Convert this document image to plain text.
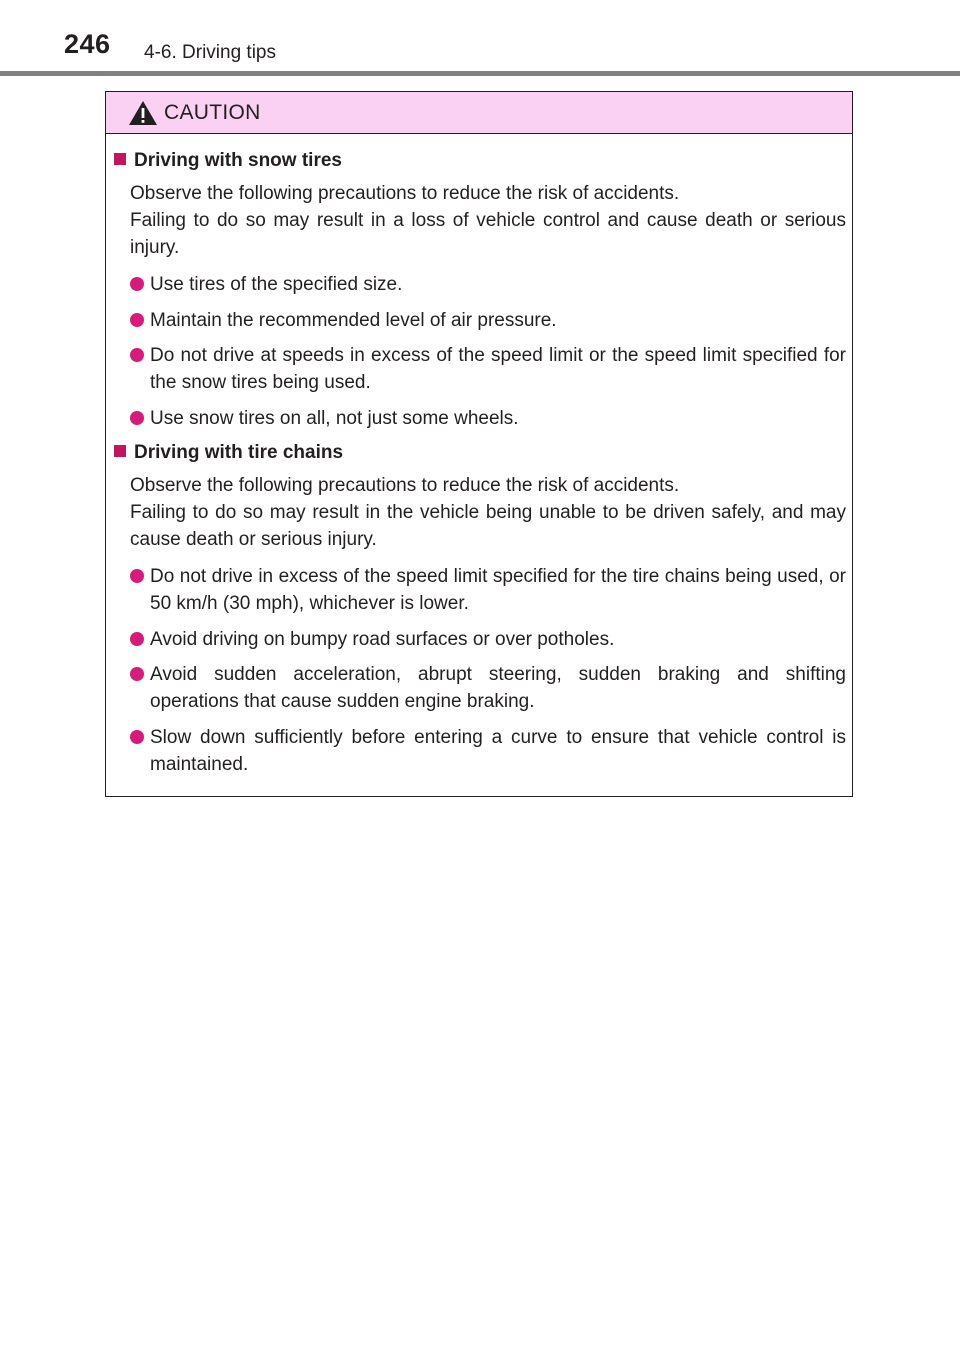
246 4-6. Driving tips
CAUTION
Driving with snow tires
Observe the following precautions to reduce the risk of accidents.
Failing to do so may result in a loss of vehicle control and cause death or serious injury.
Use tires of the specified size.
Maintain the recommended level of air pressure.
Do not drive at speeds in excess of the speed limit or the speed limit specified for the snow tires being used.
Use snow tires on all, not just some wheels.
Driving with tire chains
Observe the following precautions to reduce the risk of accidents.
Failing to do so may result in the vehicle being unable to be driven safely, and may cause death or serious injury.
Do not drive in excess of the speed limit specified for the tire chains being used, or 50 km/h (30 mph), whichever is lower.
Avoid driving on bumpy road surfaces or over potholes.
Avoid sudden acceleration, abrupt steering, sudden braking and shifting operations that cause sudden engine braking.
Slow down sufficiently before entering a curve to ensure that vehicle control is maintained.
